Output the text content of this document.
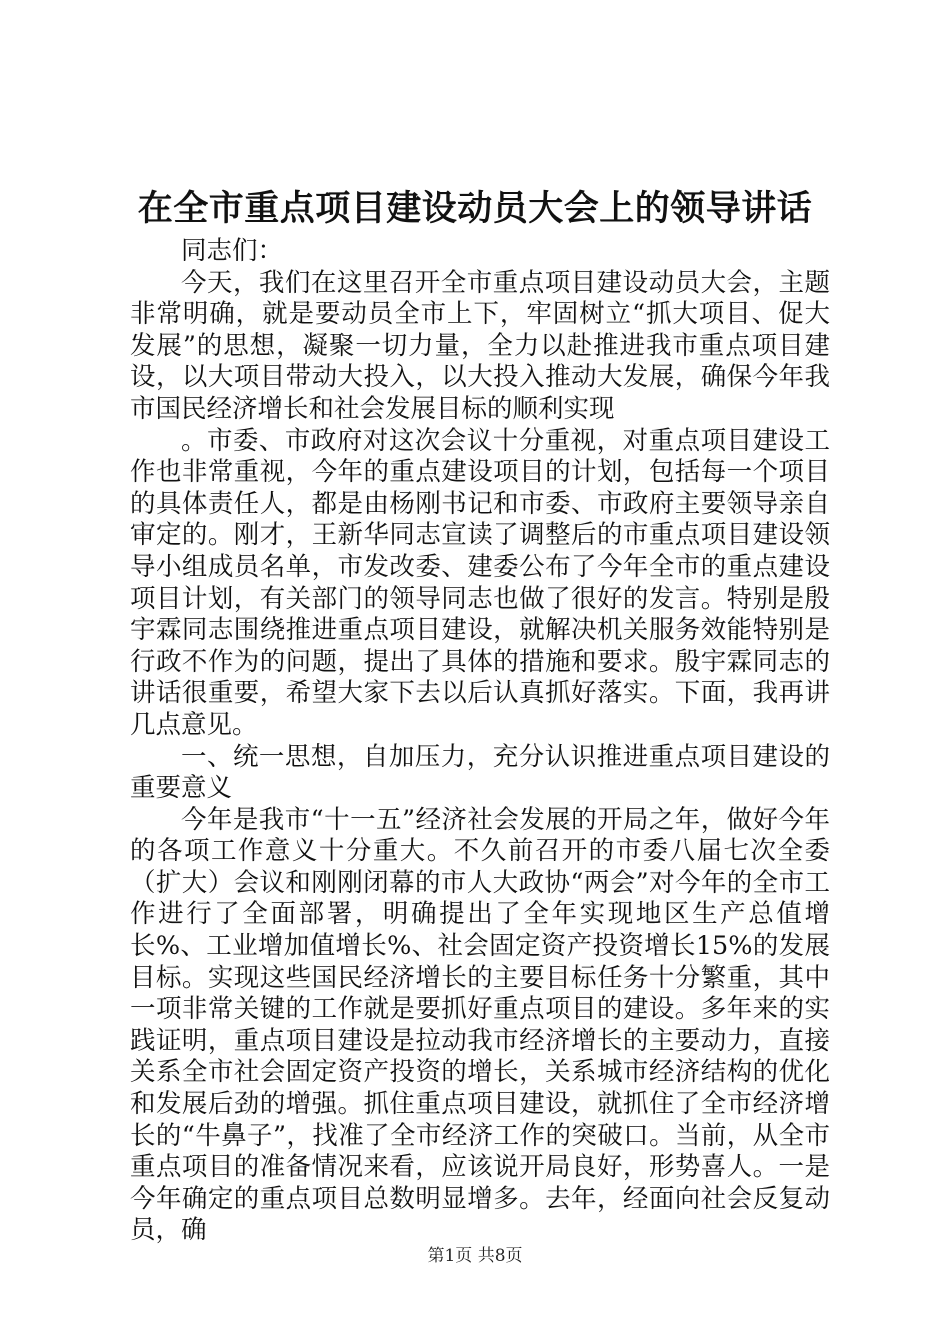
在全市重点项目建设动员大会上的领导讲话

同志们：

今天，我们在这里召开全市重点项目建设动员大会，主题非常明确，就是要动员全市上下，牢固树立“抓大项目、促大发展”的思想，凝聚一切力量，全力以赴推进我市重点项目建设，以大项目带动大投入，以大投入推动大发展，确保今年我市国民经济增长和社会发展目标的顺利实现

。市委、市政府对这次会议十分重视，对重点项目建设工作也非常重视，今年的重点建设项目的计划，包括每一个项目的具体责任人，都是由杨刚书记和市委、市政府主要领导亲自审定的。刚才，王新华同志宣读了调整后的市重点项目建设领导小组成员名单，市发改委、建委公布了今年全市的重点建设项目计划，有关部门的领导同志也做了很好的发言。特别是殷宇霖同志围绕推进重点项目建设，就解决机关服务效能特别是行政不作为的问题，提出了具体的措施和要求。殷宇霖同志的讲话很重要，希望大家下去以后认真抓好落实。下面，我再讲几点意见。

一、统一思想，自加压力，充分认识推进重点项目建设的重要意义

今年是我市“十一五”经济社会发展的开局之年，做好今年的各项工作意义十分重大。不久前召开的市委八届七次全委（扩大）会议和刚刚闭幕的市人大政协“两会”对今年的全市工作进行了全面部署，明确提出了全年实现地区生产总值增长%、工业增加值增长%、社会固定资产投资增长15%的发展目标。实现这些国民经济增长的主要目标任务十分繁重，其中一项非常关键的工作就是要抓好重点项目的建设。多年来的实践证明，重点项目建设是拉动我市经济增长的主要动力，直接关系全市社会固定资产投资的增长，关系城市经济结构的优化和发展后劲的增强。抓住重点项目建设，就抓住了全市经济增长的“牛鼻子”，找准了全市经济工作的突破口。当前，从全市重点项目的准备情况来看，应该说开局良好，形势喜人。一是今年确定的重点项目总数明显增多。去年，经面向社会反复动员，确

第1页 共8页
